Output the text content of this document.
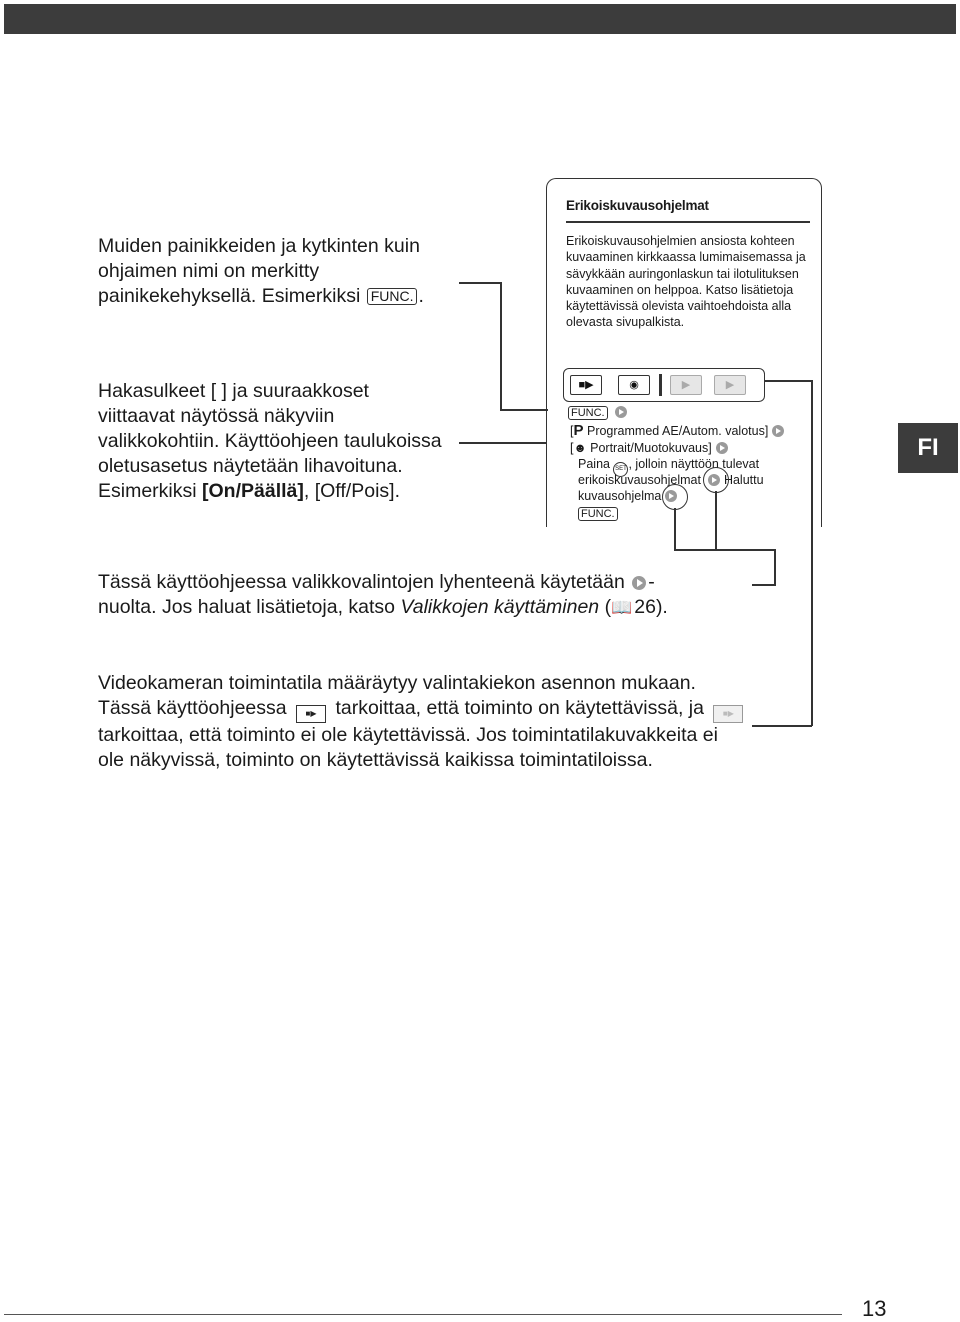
Muiden painikkeiden ja kytkinten kuin ohjaimen nimi on merkitty painikekehyksellä. Esimerkiksi FUNC. .
Hakasulkeet [ ] ja suuraakkoset viittaavat näytössä näkyviin valikkokohtiin. Käyttöohjeen taulukoissa oletusasetus näytetään lihavoituna. Esimerkiksi [On/Päällä], [Off/Pois].
Erikoiskuvausohjelmat
Erikoiskuvausohjelmien ansiosta kohteen kuvaaminen kirkkaassa lumimaisemassa ja sävykkään auringonlaskun tai ilotulituksen kuvaaminen on helppoa. Katso lisätietoja käytettävissä olevista vaihtoehdoista alla olevasta sivupalkista.
■▶	◉	▶	▶
FUNC.
[P Programmed AE/Autom. valotus]
[☻ Portrait/Muotokuvaus]
Paina SET , jolloin näyttöön tulevat
erikoiskuvausohjelmat Haluttu
kuvausohjelma
FUNC.
Tässä käyttöohjeessa valikkovalintojen lyhenteenä käytetään -
nuolta. Jos haluat lisätietoja, katso Valikkojen käyttäminen (📖 26).
Videokameran toimintatila määräytyy valintakiekon asennon mukaan. Tässä käyttöohjeessa ■▶	tarkoittaa, että toiminto on käytettävissä, ja ■▶ tarkoittaa, että toiminto ei ole käytettävissä. Jos toimintatilakuvakkeita ei ole näkyvissä, toiminto on käytettävissä kaikissa toimintatiloissa.
FI
13
